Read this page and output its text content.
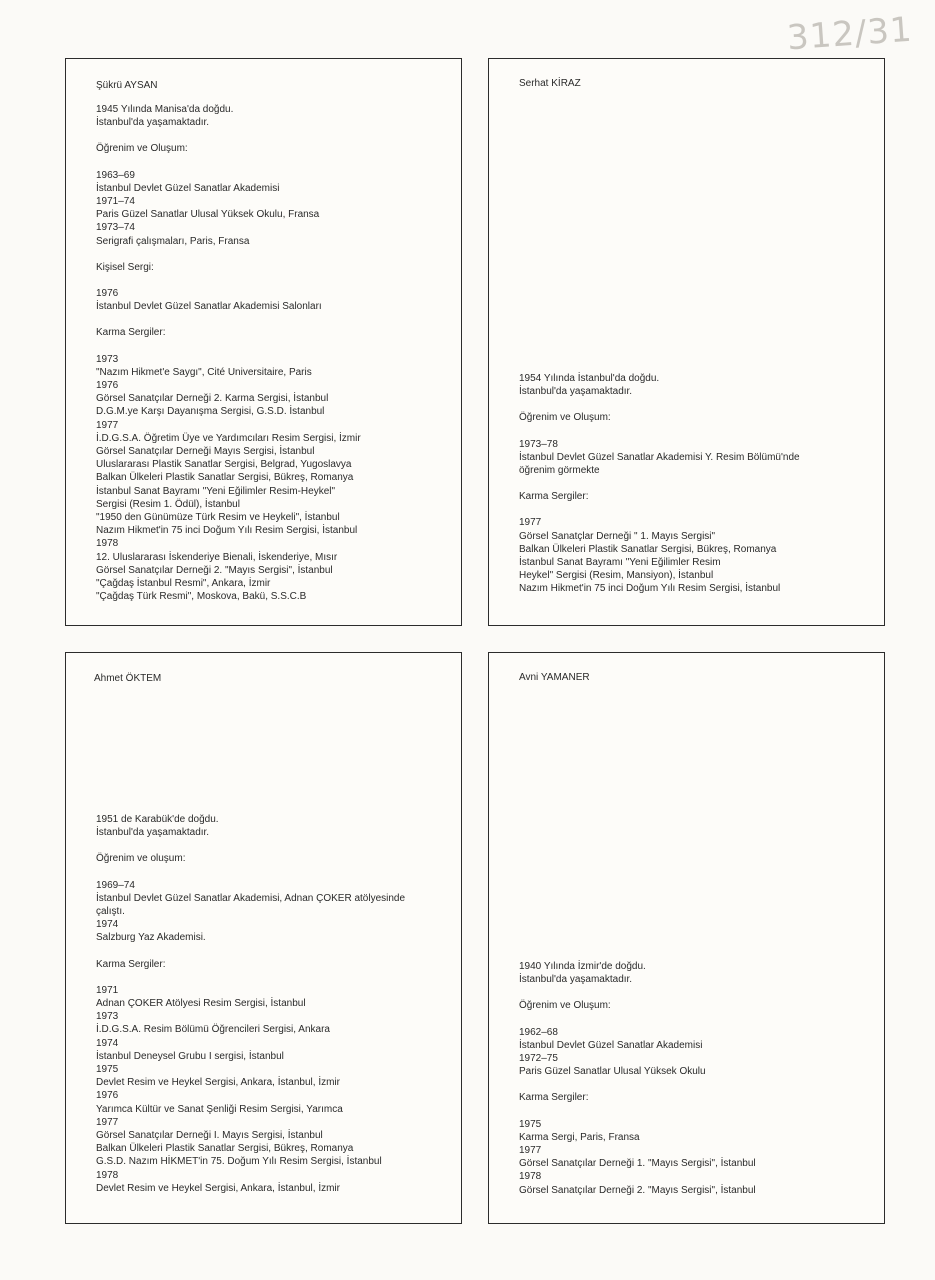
312/31
Şükrü AYSAN
1945 Yılında Manisa'da doğdu.
İstanbul'da yaşamaktadır.
Öğrenim ve Oluşum:
1963–69
İstanbul Devlet Güzel Sanatlar Akademisi
1971–74
Paris Güzel Sanatlar Ulusal Yüksek Okulu, Fransa
1973–74
Serigrafi çalışmaları, Paris, Fransa
Kişisel Sergi:
1976
İstanbul Devlet Güzel Sanatlar Akademisi Salonları
Karma Sergiler:
1973
"Nazım Hikmet'e Saygı", Cité Universitaire, Paris
1976
Görsel Sanatçılar Derneği 2. Karma Sergisi, İstanbul
D.G.M.ye Karşı Dayanışma Sergisi, G.S.D. İstanbul
1977
İ.D.G.S.A. Öğretim Üye ve Yardımcıları Resim Sergisi, İzmir
Görsel Sanatçılar Derneği Mayıs Sergisi, İstanbul
Uluslararası Plastik Sanatlar Sergisi, Belgrad, Yugoslavya
Balkan Ülkeleri Plastik Sanatlar Sergisi, Bükreş, Romanya
İstanbul Sanat Bayramı "Yeni Eğilimler Resim-Heykel"
Sergisi (Resim 1. Ödül), İstanbul
"1950 den Günümüze Türk Resim ve Heykeli", İstanbul
Nazım Hikmet'in 75 inci Doğum Yılı Resim Sergisi, İstanbul
1978
12. Uluslararası İskenderiye Bienali, İskenderiye, Mısır
Görsel Sanatçılar Derneği 2. "Mayıs Sergisi", İstanbul
"Çağdaş İstanbul Resmi", Ankara, İzmir
"Çağdaş Türk Resmi", Moskova, Bakü, S.S.C.B
Serhat KİRAZ
1954 Yılında İstanbul'da doğdu.
İstanbul'da yaşamaktadır.
Öğrenim ve Oluşum:
1973–78
İstanbul Devlet Güzel Sanatlar Akademisi Y. Resim Bölümü'nde
öğrenim görmekte
Karma Sergiler:
1977
Görsel Sanatçlar Derneği " 1. Mayıs Sergisi"
Balkan Ülkeleri Plastik Sanatlar Sergisi, Bükreş, Romanya
İstanbul Sanat Bayramı "Yeni Eğilimler Resim
Heykel" Sergisi (Resim, Mansiyon), İstanbul
Nazım Hikmet'in 75 inci Doğum Yılı Resim Sergisi, İstanbul
Ahmet ÖKTEM
1951 de Karabük'de doğdu.
İstanbul'da yaşamaktadır.
Öğrenim ve oluşum:
1969–74
İstanbul Devlet Güzel Sanatlar Akademisi, Adnan ÇOKER atölyesinde
çalıştı.
1974
Salzburg Yaz Akademisi.
Karma Sergiler:
1971
Adnan ÇOKER Atölyesi Resim Sergisi, İstanbul
1973
İ.D.G.S.A. Resim Bölümü Öğrencileri Sergisi, Ankara
1974
İstanbul Deneysel Grubu I sergisi, İstanbul
1975
Devlet Resim ve Heykel Sergisi, Ankara, İstanbul, İzmir
1976
Yarımca Kültür ve Sanat Şenliği Resim Sergisi, Yarımca
1977
Görsel Sanatçılar Derneği I. Mayıs Sergisi, İstanbul
Balkan Ülkeleri Plastik Sanatlar Sergisi, Bükreş, Romanya
G.S.D. Nazım HİKMET'in 75. Doğum Yılı Resim Sergisi, İstanbul
1978
Devlet Resim ve Heykel Sergisi, Ankara, İstanbul, İzmir
Avni YAMANER
1940 Yılında İzmir'de doğdu.
İstanbul'da yaşamaktadır.
Öğrenim ve Oluşum:
1962–68
İstanbul Devlet Güzel Sanatlar Akademisi
1972–75
Paris Güzel Sanatlar Ulusal Yüksek Okulu
Karma Sergiler:
1975
Karma Sergi, Paris, Fransa
1977
Görsel Sanatçılar Derneği 1. "Mayıs Sergisi", İstanbul
1978
Görsel Sanatçılar Derneği 2. "Mayıs Sergisi", İstanbul
